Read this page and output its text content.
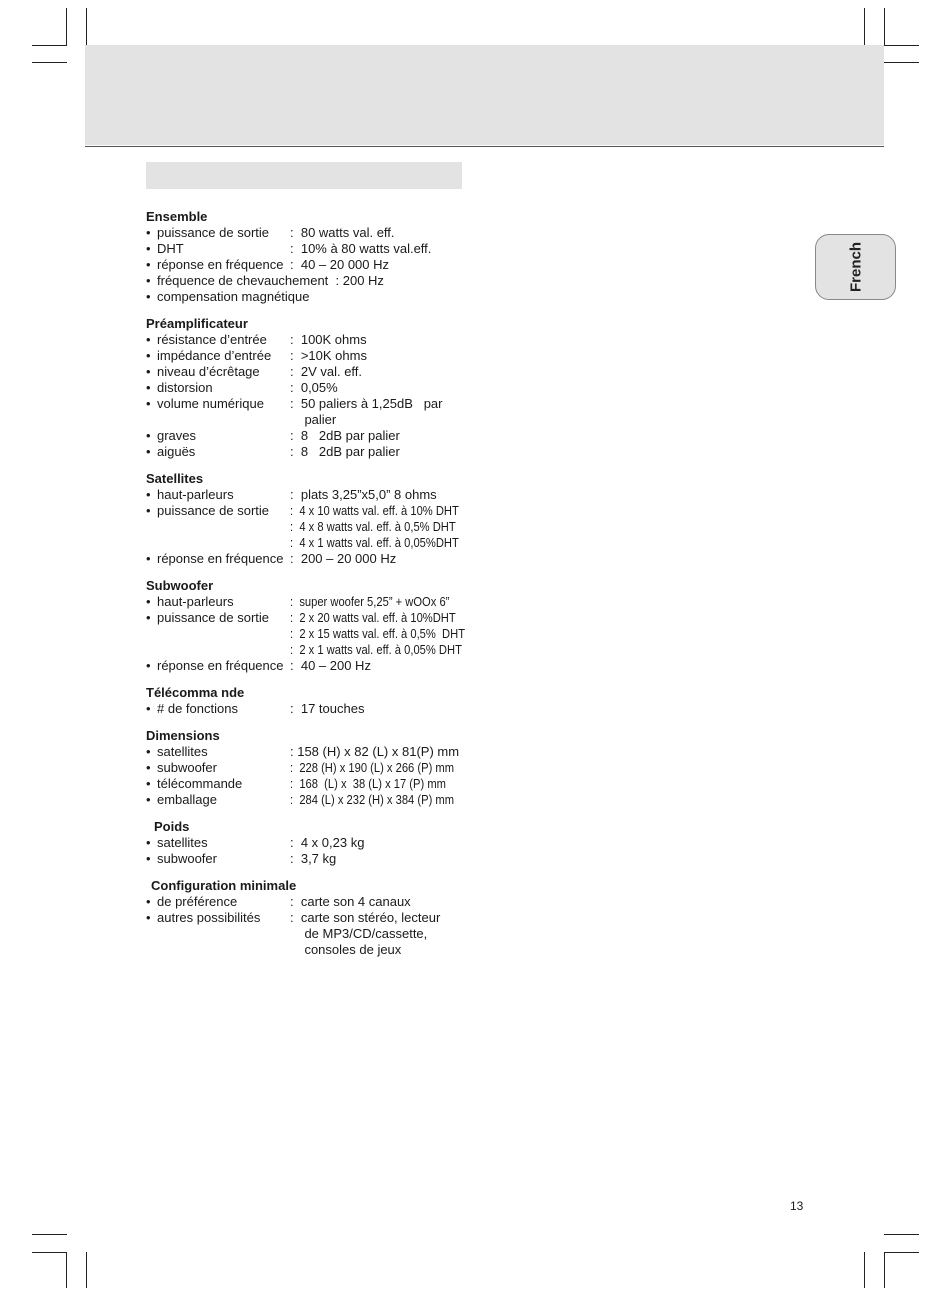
French
Ensemble
• puissance de sortie	:  80 watts val. eff.
• DHT	:  10% à 80 watts val.eff.
• réponse en fréquence :  40 – 20 000 Hz
• fréquence de chevauchement : 200 Hz
• compensation magnétique
Préamplificateur
• résistance d’entrée	:  100K ohms
• impédance d’entrée	:  >10K ohms
• niveau d’écrêtage	:  2V val. eff.
• distorsion	:  0,05%
• volume numérique	:  50 paliers à 1,25dB   par
palier
• graves	:  8   2dB par palier
• aiguës	:  8   2dB par palier
Satellites
• haut-parleurs	:  plats 3,25”x5,0” 8 ohms
• puissance de sortie	:  4 x 10 watts val. eff. à 10% DHT
:  4 x 8 watts val. eff. à 0,5% DHT
:  4 x 1 watts val. eff. à 0,05%DHT
• réponse en fréquence :  200 – 20 000 Hz
Subwoofer
• haut-parleurs	:  super woofer 5,25” + wOOx 6”
• puissance de sortie	:  2 x 20 watts val. eff. à 10%DHT
:  2 x 15 watts val. eff. à 0,5%  DHT
:  2 x 1 watts val. eff. à 0,05% DHT
• réponse en fréquence :  40 – 200 Hz
Télécomma nde
• # de fonctions	:  17 touches
Dimensions
• satellites	: 158 (H) x 82 (L) x 81(P) mm
• subwoofer	:  228 (H) x 190 (L) x 266 (P) mm
• télécommande	:  168  (L) x  38 (L) x 17 (P) mm
• emballage	:  284 (L) x 232 (H) x 384 (P) mm
Poids
• satellites	:  4 x 0,23 kg
• subwoofer	:  3,7 kg
Configuration minimale
• de préférence	:  carte son 4 canaux
• autres possibilités	:  carte son stéréo, lecteur
de MP3/CD/cassette,
consoles de jeux
13
